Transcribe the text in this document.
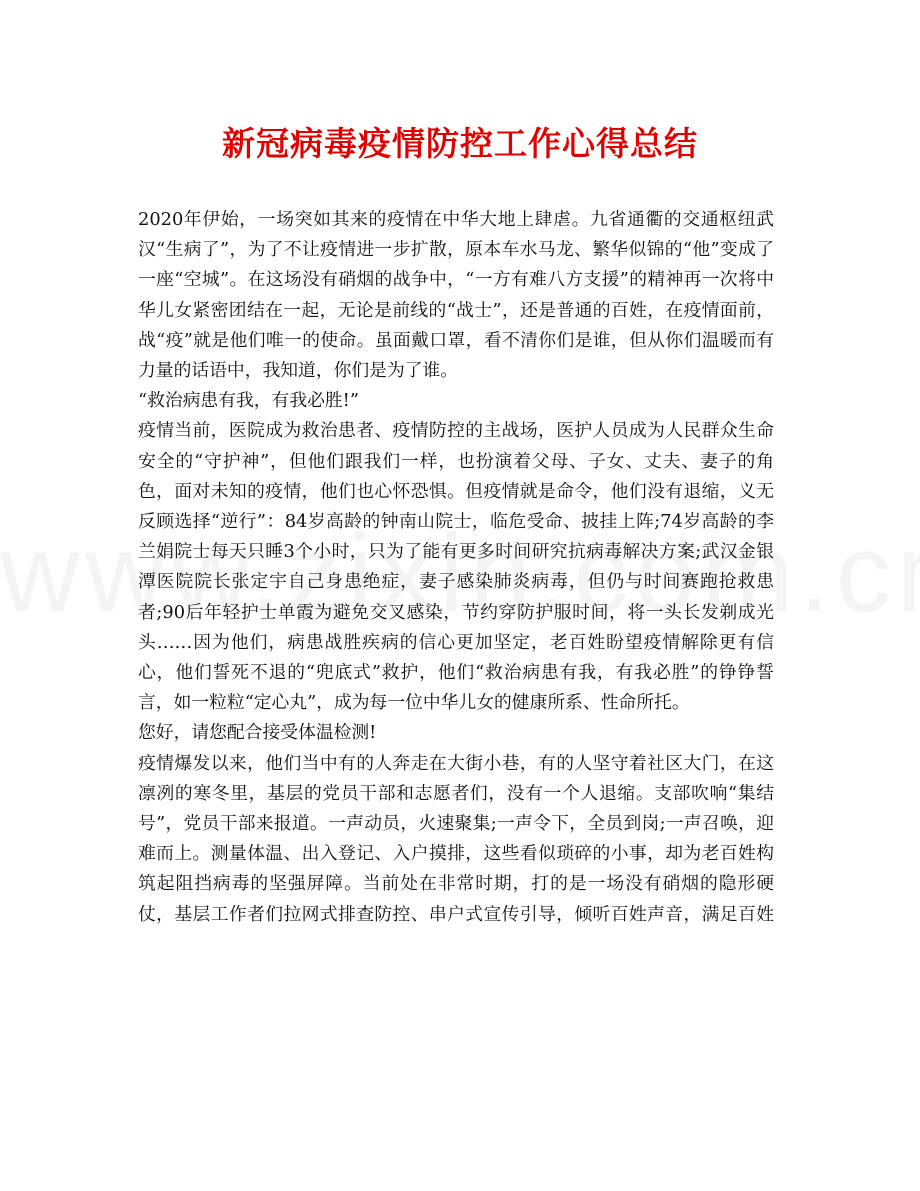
新冠病毒疫情防控工作心得总结

2020年伊始，一场突如其来的疫情在中华大地上肆虐。九省通衢的交通枢纽武汉“生病了”，为了不让疫情进一步扩散，原本车水马龙、繁华似锦的“他”变成了一座“空城”。在这场没有硝烟的战争中，“一方有难八方支援”的精神再一次将中华儿女紧密团结在一起，无论是前线的“战士”，还是普通的百姓，在疫情面前，战“疫”就是他们唯一的使命。虽面戴口罩，看不清你们是谁，但从你们温暖而有力量的话语中，我知道，你们是为了谁。

“救治病患有我，有我必胜!”

疫情当前，医院成为救治患者、疫情防控的主战场，医护人员成为人民群众生命安全的“守护神”，但他们跟我们一样，也扮演着父母、子女、丈夫、妻子的角色，面对未知的疫情，他们也心怀恐惧。但疫情就是命令，他们没有退缩，义无反顾选择“逆行”：84岁高龄的钟南山院士，临危受命、披挂上阵;74岁高龄的李兰娟院士每天只睡3个小时，只为了能有更多时间研究抗病毒解决方案;武汉金银潭医院院长张定宇自己身患绝症，妻子感染肺炎病毒，但仍与时间赛跑抢救患者;90后年轻护士单霞为避免交叉感染，节约穿防护服时间，将一头长发剃成光头……因为他们，病患战胜疾病的信心更加坚定，老百姓盼望疫情解除更有信心，他们誓死不退的“兜底式”救护，他们“救治病患有我，有我必胜”的铮铮誓言，如一粒粒“定心丸”，成为每一位中华儿女的健康所系、性命所托。

您好，请您配合接受体温检测!

疫情爆发以来，他们当中有的人奔走在大街小巷，有的人坚守着社区大门，在这凛冽的寒冬里，基层的党员干部和志愿者们，没有一个人退缩。支部吹响“集结号”，党员干部来报道。一声动员，火速聚集;一声令下，全员到岗;一声召唤，迎难而上。测量体温、出入登记、入户摸排，这些看似琐碎的小事，却为老百姓构筑起阻挡病毒的坚强屏障。当前处在非常时期，打的是一场没有硝烟的隐形硬仗，基层工作者们拉网式排查防控、串户式宣传引导，倾听百姓声音，满足百姓
